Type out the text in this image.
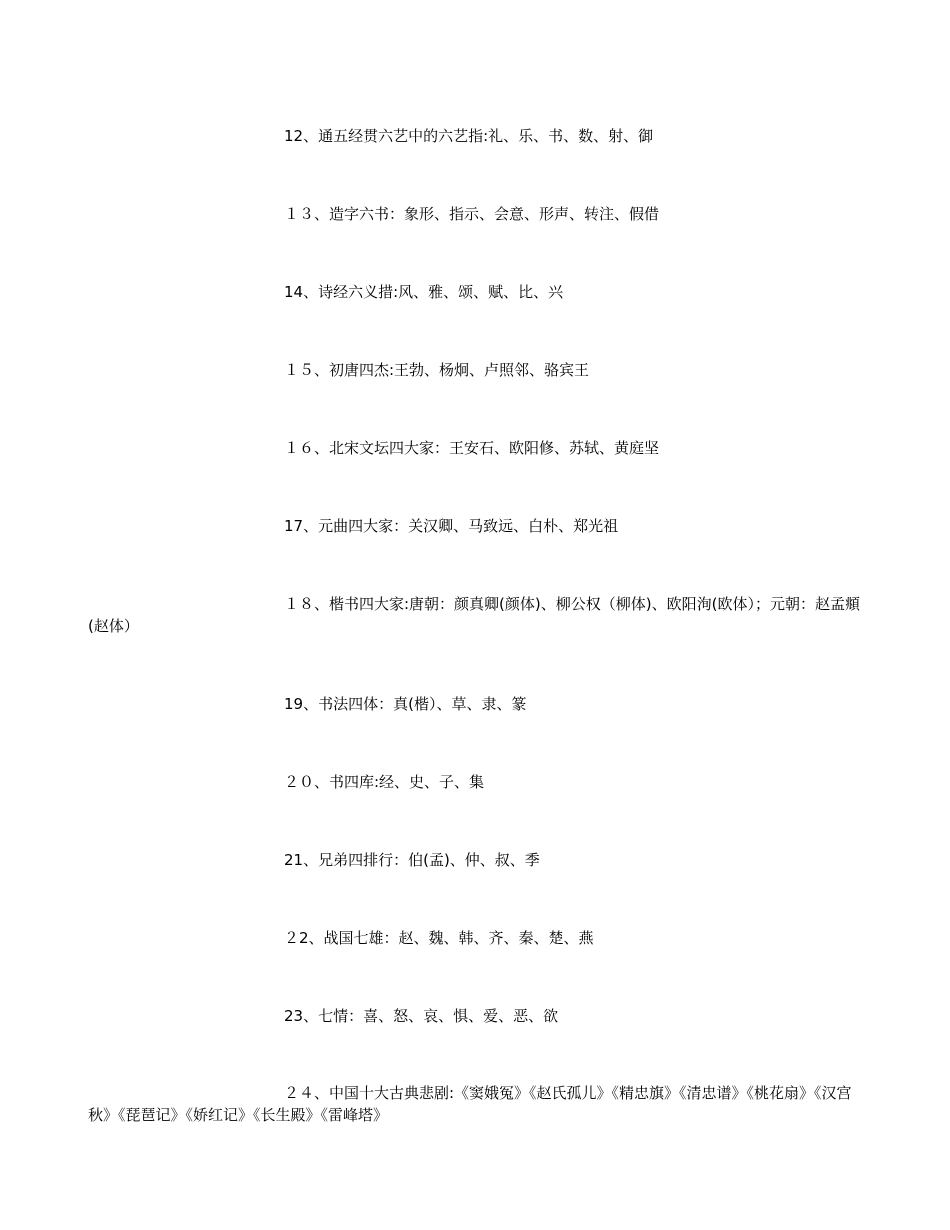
12、通五经贯六艺中的六艺指:礼、乐、书、数、射、御

１３、造字六书：象形、指示、会意、形声、转注、假借

14、诗经六义措:风、雅、颂、赋、比、兴

１５、初唐四杰:王勃、杨炯、卢照邻、骆宾王

１６、北宋文坛四大家：王安石、欧阳修、苏轼、黄庭坚

17、元曲四大家：关汉卿、马致远、白朴、郑光祖

１８、楷书四大家:唐朝：颜真卿(颜体)、柳公权（柳体)、欧阳洵(欧体）；元朝：赵孟頫(赵体）

19、书法四体：真(楷）、草、隶、篆

２０、书四库:经、史、子、集

21、兄弟四排行：伯(孟)、仲、叔、季

２2、战国七雄：赵、魏、韩、齐、秦、楚、燕

23、七情：喜、怒、哀、惧、爱、恶、欲

２４、中国十大古典悲剧:《窦娥冤》《赵氏孤儿》《精忠旗》《清忠谱》《桃花扇》《汉宫秋》《琵琶记》《娇红记》《长生殿》《雷峰塔》
